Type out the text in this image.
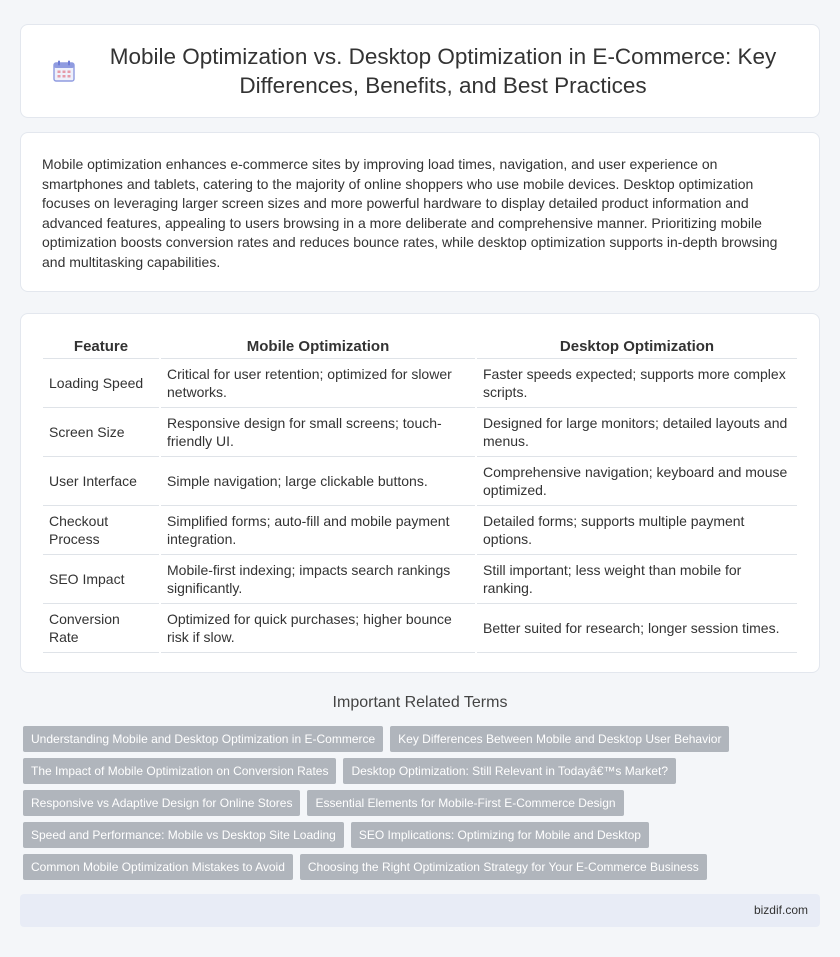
Mobile Optimization vs. Desktop Optimization in E-Commerce: Key Differences, Benefits, and Best Practices

Mobile optimization enhances e-commerce sites by improving load times, navigation, and user experience on smartphones and tablets, catering to the majority of online shoppers who use mobile devices. Desktop optimization focuses on leveraging larger screen sizes and more powerful hardware to display detailed product information and advanced features, appealing to users browsing in a more deliberate and comprehensive manner. Prioritizing mobile optimization boosts conversion rates and reduces bounce rates, while desktop optimization supports in-depth browsing and multitasking capabilities.

Feature	Mobile Optimization	Desktop Optimization
Loading Speed	Critical for user retention; optimized for slower networks.	Faster speeds expected; supports more complex scripts.
Screen Size	Responsive design for small screens; touch-friendly UI.	Designed for large monitors; detailed layouts and menus.
User Interface	Simple navigation; large clickable buttons.	Comprehensive navigation; keyboard and mouse optimized.
Checkout Process	Simplified forms; auto-fill and mobile payment integration.	Detailed forms; supports multiple payment options.
SEO Impact	Mobile-first indexing; impacts search rankings significantly.	Still important; less weight than mobile for ranking.
Conversion Rate	Optimized for quick purchases; higher bounce risk if slow.	Better suited for research; longer session times.
Important Related Terms
Understanding Mobile and Desktop Optimization in E-Commerce	Key Differences Between Mobile and Desktop User Behavior
The Impact of Mobile Optimization on Conversion Rates	Desktop Optimization: Still Relevant in Todayâ€™s Market?
Responsive vs Adaptive Design for Online Stores	Essential Elements for Mobile-First E-Commerce Design
Speed and Performance: Mobile vs Desktop Site Loading	SEO Implications: Optimizing for Mobile and Desktop
Common Mobile Optimization Mistakes to Avoid	Choosing the Right Optimization Strategy for Your E-Commerce Business
bizdif.com
